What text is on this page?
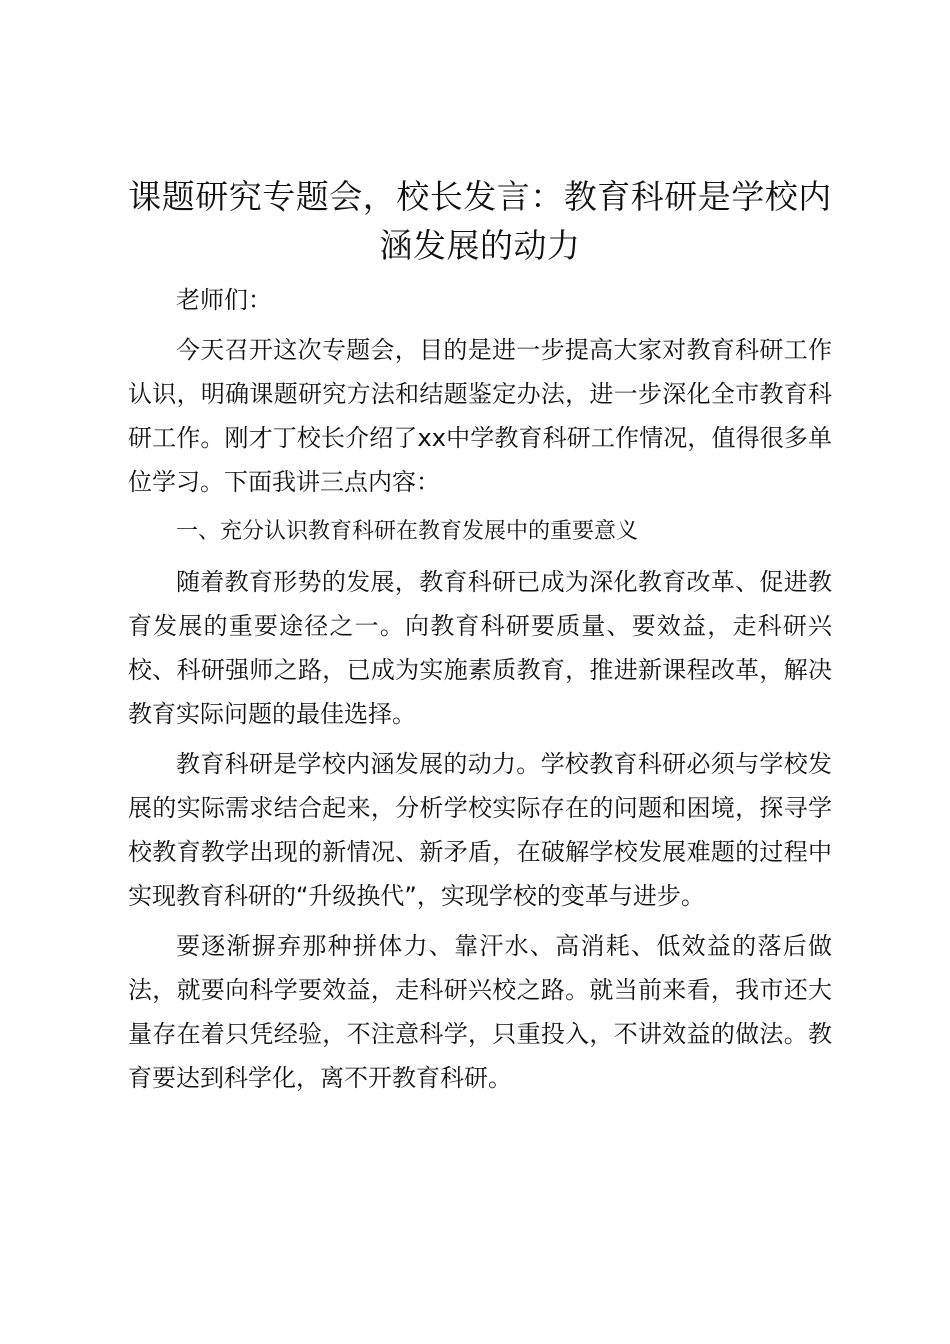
课题研究专题会，校长发言：教育科研是学校内涵发展的动力

老师们：

今天召开这次专题会，目的是进一步提高大家对教育科研工作认识，明确课题研究方法和结题鉴定办法，进一步深化全市教育科研工作。刚才丁校长介绍了xx中学教育科研工作情况，值得很多单位学习。下面我讲三点内容：

一、充分认识教育科研在教育发展中的重要意义

随着教育形势的发展，教育科研已成为深化教育改革、促进教育发展的重要途径之一。向教育科研要质量、要效益，走科研兴校、科研强师之路，已成为实施素质教育，推进新课程改革，解决教育实际问题的最佳选择。

教育科研是学校内涵发展的动力。学校教育科研必须与学校发展的实际需求结合起来，分析学校实际存在的问题和困境，探寻学校教育教学出现的新情况、新矛盾，在破解学校发展难题的过程中实现教育科研的“升级换代”，实现学校的变革与进步。

要逐渐摒弃那种拼体力、靠汗水、高消耗、低效益的落后做法，就要向科学要效益，走科研兴校之路。就当前来看，我市还大量存在着只凭经验，不注意科学，只重投入，不讲效益的做法。教育要达到科学化，离不开教育科研。
